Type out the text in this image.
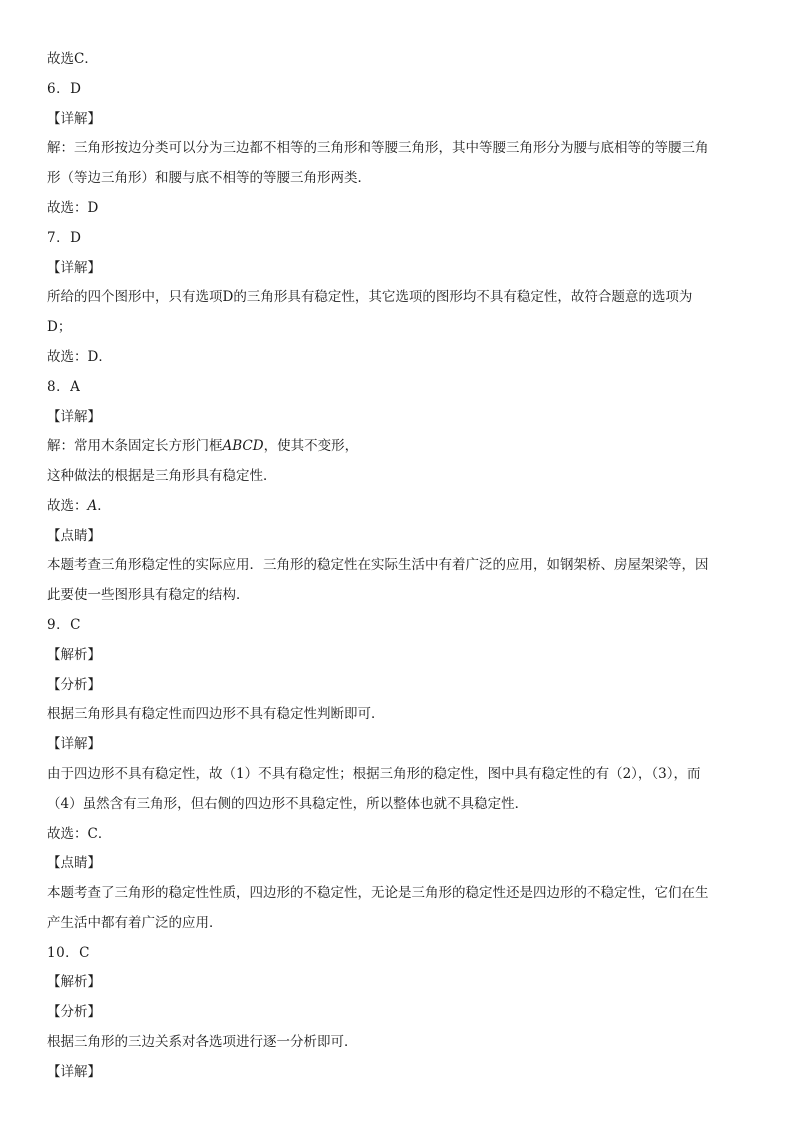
故选C．
6．D
【详解】
解：三角形按边分类可以分为三边都不相等的三角形和等腰三角形，其中等腰三角形分为腰与底相等的等腰三角
形（等边三角形）和腰与底不相等的等腰三角形两类．
故选：D
7．D
【详解】
所给的四个图形中，只有选项D的三角形具有稳定性，其它选项的图形均不具有稳定性，故符合题意的选项为
D；
故选：D．
8．A
【详解】
解：常用木条固定长方形门框ABCD，使其不变形，
这种做法的根据是三角形具有稳定性．
故选：A．
【点睛】
本题考查三角形稳定性的实际应用．三角形的稳定性在实际生活中有着广泛的应用，如钢架桥、房屋架梁等，因
此要使一些图形具有稳定的结构．
9．C
【解析】
【分析】
根据三角形具有稳定性而四边形不具有稳定性判断即可．
【详解】
由于四边形不具有稳定性，故（1）不具有稳定性；根据三角形的稳定性，图中具有稳定性的有（2），（3），而
（4）虽然含有三角形，但右侧的四边形不具稳定性，所以整体也就不具稳定性．
故选：C．
【点睛】
本题考查了三角形的稳定性性质，四边形的不稳定性，无论是三角形的稳定性还是四边形的不稳定性，它们在生
产生活中都有着广泛的应用．
10．C
【解析】
【分析】
根据三角形的三边关系对各选项进行逐一分析即可．
【详解】
